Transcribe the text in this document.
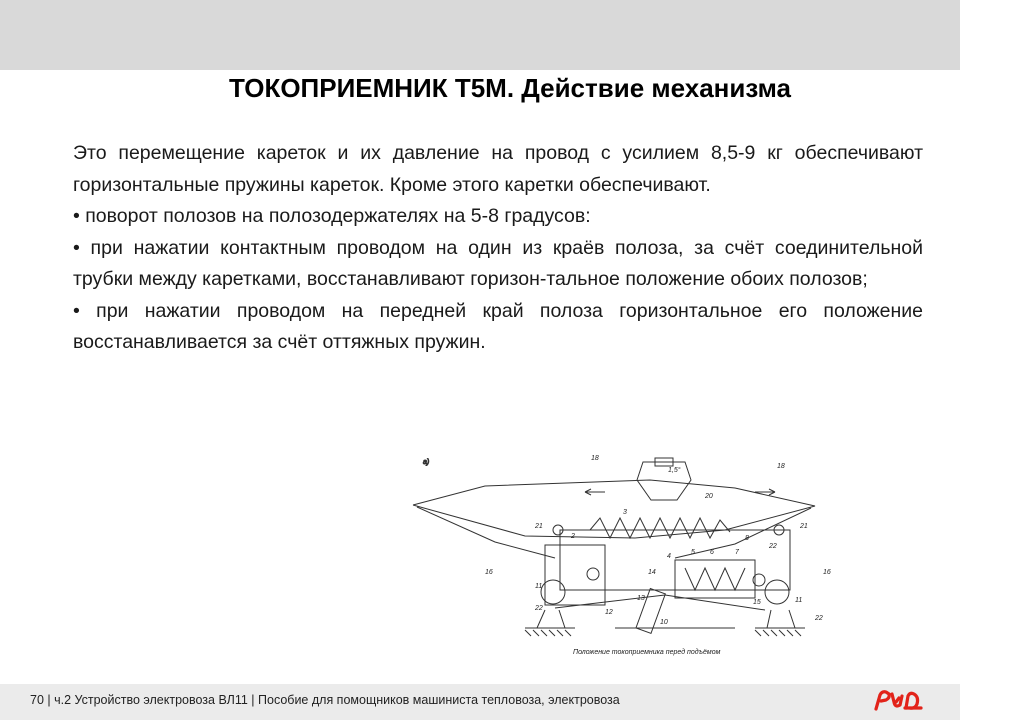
ТОКОПРИЕМНИК Т5М. Действие механизма

Это перемещение кареток и их давление на провод с усилием 8,5-9 кг обеспечивают горизонтальные пружины кареток. Кроме этого каретки обеспечивают.

• поворот полозов на полозодержателях на 5-8 градусов:

• при нажатии контактным проводом на один из краёв полоза, за счёт соединительной трубки между каретками, восстанавливают горизон-тальное положение обоих полозов;

• при нажатии проводом на передней край полоза горизонтальное его положение восстанавливается за счёт оттяжных пружин.

а)
1,5°
18
18
20
3
2
21	21
8
4
5 6	7
22
14
16	16
11
11
22
22
12
10
13
15
Положение токоприемника перед подъёмом
70 | ч.2 Устройство электровоза ВЛ11 | Пособие для помощников машиниста тепловоза, электровоза
